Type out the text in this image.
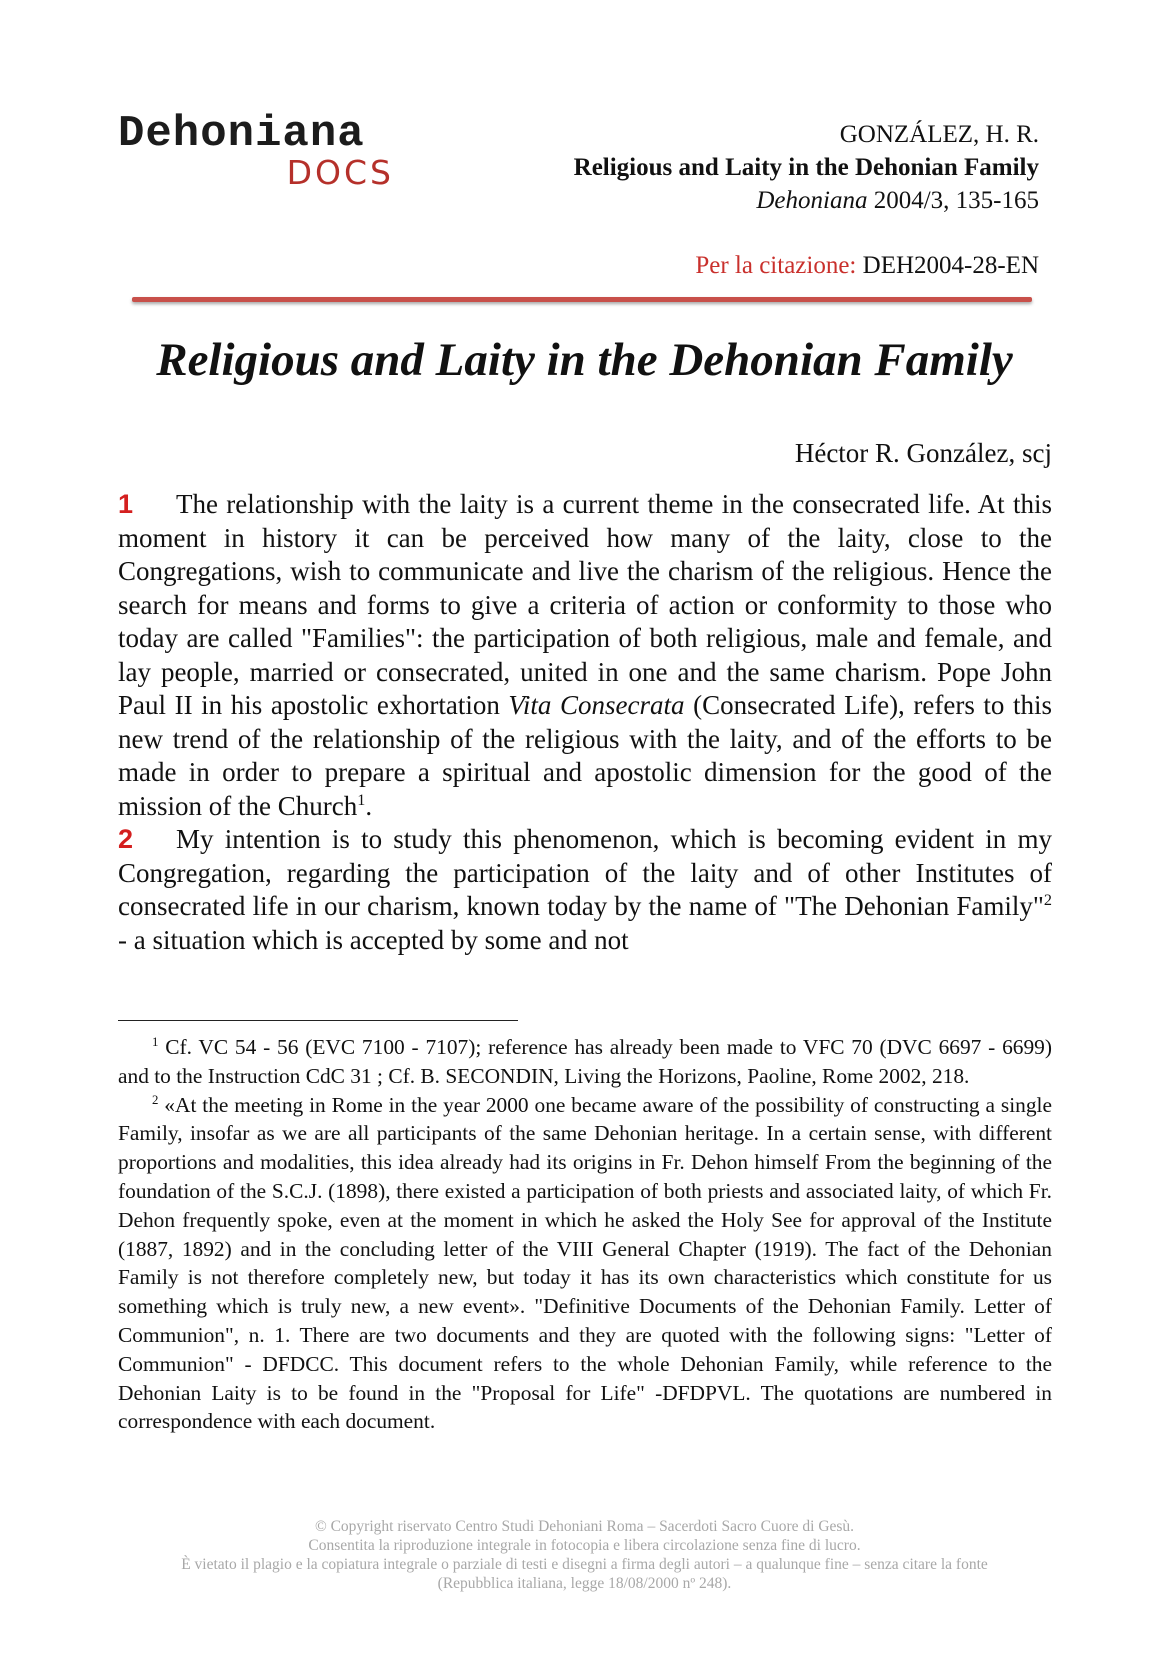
Dehoniana
DOCS
GONZÁLEZ, H. R.
Religious and Laity in the Dehonian Family
Dehoniana 2004/3, 135-165
Per la citazione: DEH2004-28-EN
Religious and Laity in the Dehonian Family
Héctor R. González, scj

1 The relationship with the laity is a current theme in the consecrated life. At this moment in history it can be perceived how many of the laity, close to the Congregations, wish to communicate and live the charism of the religious. Hence the search for means and forms to give a criteria of action or conformity to those who today are called "Families": the participation of both religious, male and female, and lay people, married or consecrated, united in one and the same charism. Pope John Paul II in his apostolic exhortation Vita Consecrata (Consecrated Life), refers to this new trend of the relationship of the religious with the laity, and of the efforts to be made in order to prepare a spiritual and apostolic dimension for the good of the mission of the Church$^1$.

2 My intention is to study this phenomenon, which is becoming evident in my Congregation, regarding the participation of the laity and of other Institutes of consecrated life in our charism, known today by the name of "The Dehonian Family"$^2$ - a situation which is accepted by some and not

$^1$ Cf. VC 54 - 56 (EVC 7100 - 7107); reference has already been made to VFC 70 (DVC 6697 - 6699) and to the Instruction CdC 31 ; Cf. B. SECONDIN, Living the Horizons, Paoline, Rome 2002, 218.

$^2$ «At the meeting in Rome in the year 2000 one became aware of the possibility of constructing a single Family, insofar as we are all participants of the same Dehonian heritage. In a certain sense, with different proportions and modalities, this idea already had its origins in Fr. Dehon himself From the beginning of the foundation of the S.C.J. (1898), there existed a participation of both priests and associated laity, of which Fr. Dehon frequently spoke, even at the moment in which he asked the Holy See for approval of the Institute (1887, 1892) and in the concluding letter of the VIII General Chapter (1919). The fact of the Dehonian Family is not therefore completely new, but today it has its own characteristics which constitute for us something which is truly new, a new event». "Definitive Documents of the Dehonian Family. Letter of Communion", n. 1. There are two documents and they are quoted with the following signs: "Letter of Communion" - DFDCC. This document refers to the whole Dehonian Family, while reference to the Dehonian Laity is to be found in the "Proposal for Life" -DFDPVL. The quotations are numbered in correspondence with each document.

© Copyright riservato Centro Studi Dehoniani Roma – Sacerdoti Sacro Cuore di Gesù.

Consentita la riproduzione integrale in fotocopia e libera circolazione senza fine di lucro.

È vietato il plagio e la copiatura integrale o parziale di testi e disegni a firma degli autori – a qualunque fine – senza citare la fonte

(Repubblica italiana, legge 18/08/2000 nº 248).
